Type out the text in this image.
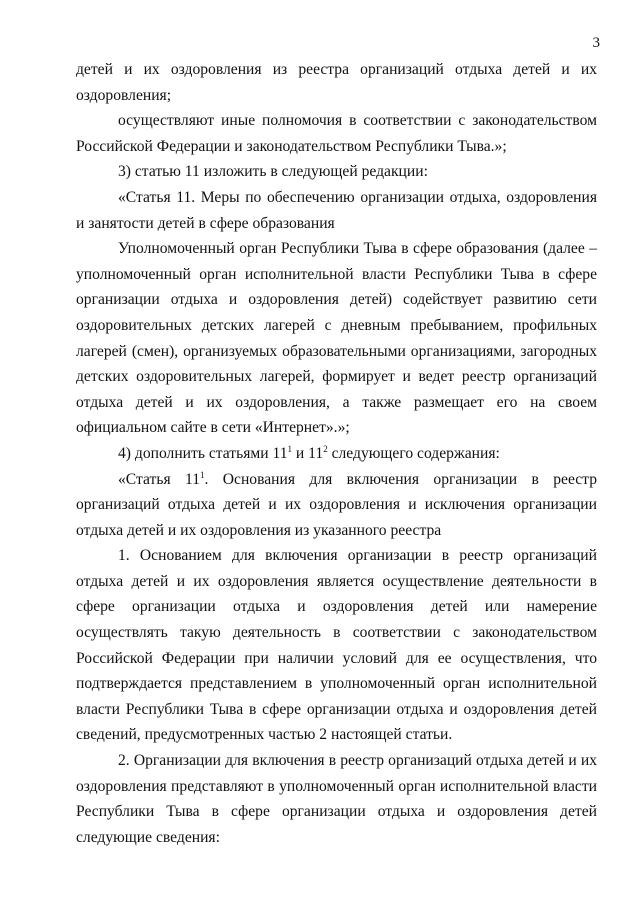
3

детей и их оздоровления из реестра организаций отдыха детей и их оздоровления;

осуществляют иные полномочия в соответствии с законодательством Российской Федерации и законодательством Республики Тыва.»;

3) статью 11 изложить в следующей редакции:

«Статья 11. Меры по обеспечению организации отдыха, оздоровления и занятости детей в сфере образования

Уполномоченный орган Республики Тыва в сфере образования (далее – уполномоченный орган исполнительной власти Республики Тыва в сфере организации отдыха и оздоровления детей) содействует развитию сети оздоровительных детских лагерей с дневным пребыванием, профильных лагерей (смен), организуемых образовательными организациями, загородных детских оздоровительных лагерей, формирует и ведет реестр организаций отдыха детей и их оздоровления, а также размещает его на своем официальном сайте в сети «Интернет».»;

4) дополнить статьями $11^1$ и $11^2$ следующего содержания:

«Статья $11^1$. Основания для включения организации в реестр организаций отдыха детей и их оздоровления и исключения организации отдыха детей и их оздоровления из указанного реестра

1. Основанием для включения организации в реестр организаций отдыха детей и их оздоровления является осуществление деятельности в сфере организации отдыха и оздоровления детей или намерение осуществлять такую деятельность в соответствии с законодательством Российской Федерации при наличии условий для ее осуществления, что подтверждается представлением в уполномоченный орган исполнительной власти Республики Тыва в сфере организации отдыха и оздоровления детей сведений, предусмотренных частью 2 настоящей статьи.

2. Организации для включения в реестр организаций отдыха детей и их оздоровления представляют в уполномоченный орган исполнительной власти Республики Тыва в сфере организации отдыха и оздоровления детей следующие сведения:
